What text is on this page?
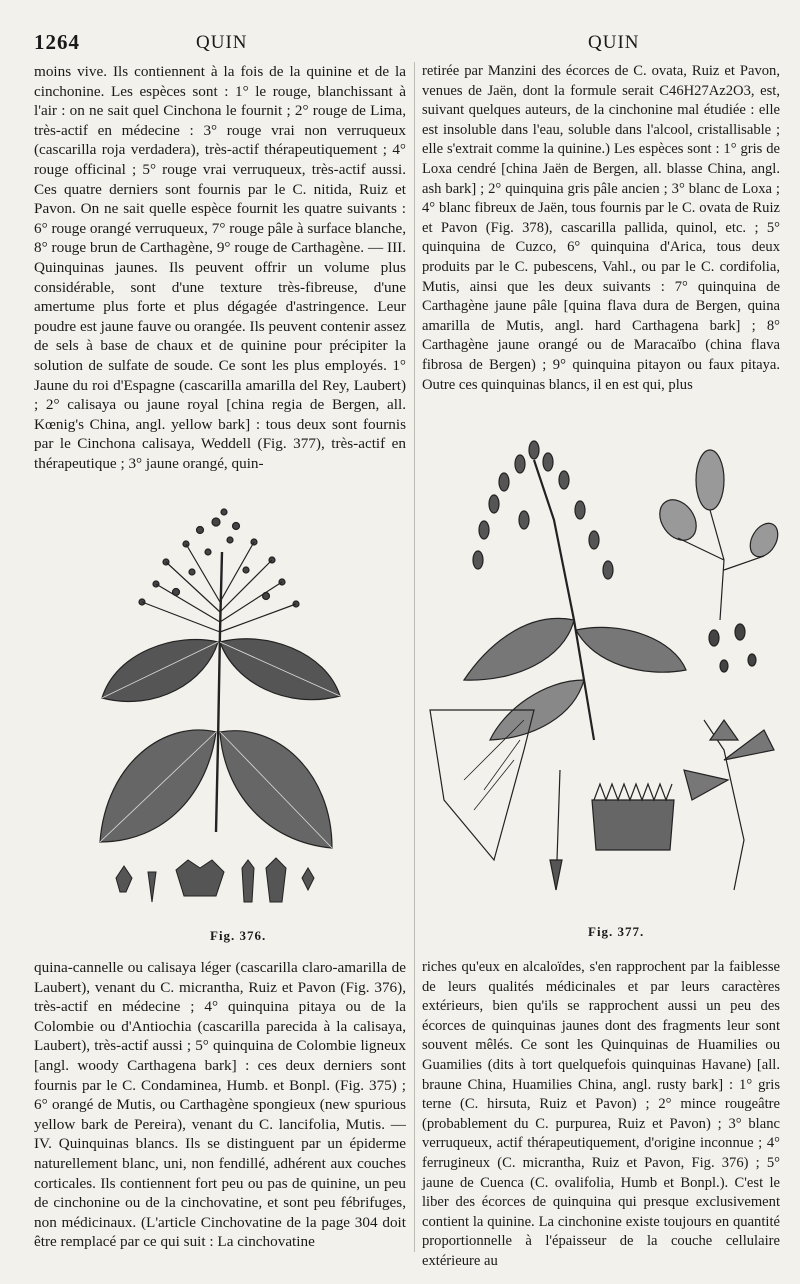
1264	QUIN	QUIN

moins vive. Ils contiennent à la fois de la quinine et de la cinchonine. Les espèces sont : 1° le rouge, blanchissant à l'air : on ne sait quel Cinchona le fournit ; 2° rouge de Lima, très-actif en médecine : 3° rouge vrai non verruqueux (cascarilla roja verdadera), très-actif thérapeutiquement ; 4° rouge officinal ; 5° rouge vrai verruqueux, très-actif aussi. Ces quatre derniers sont fournis par le C. nitida, Ruiz et Pavon. On ne sait quelle espèce fournit les quatre suivants : 6° rouge orangé verruqueux, 7° rouge pâle à surface blanche, 8° rouge brun de Carthagène, 9° rouge de Carthagène. — III. Quinquinas jaunes. Ils peuvent offrir un volume plus considérable, sont d'une texture très-fibreuse, d'une amertume plus forte et plus dégagée d'astringence. Leur poudre est jaune fauve ou orangée. Ils peuvent contenir assez de sels à base de chaux et de quinine pour précipiter la solution de sulfate de soude. Ce sont les plus employés. 1° Jaune du roi d'Espagne (cascarilla amarilla del Rey, Laubert) ; 2° calisaya ou jaune royal [china regia de Bergen, all. Kœnig's China, angl. yellow bark] : tous deux sont fournis par le Cinchona calisaya, Weddell (Fig. 377), très-actif en thérapeutique ; 3° jaune orangé, quin-

retirée par Manzini des écorces de C. ovata, Ruiz et Pavon, venues de Jaën, dont la formule serait C46H27Az2O3, est, suivant quelques auteurs, de la cinchonine mal étudiée : elle est insoluble dans l'eau, soluble dans l'alcool, cristallisable ; elle s'extrait comme la quinine.) Les espèces sont : 1° gris de Loxa cendré [china Jaën de Bergen, all. blasse China, angl. ash bark] ; 2° quinquina gris pâle ancien ; 3° blanc de Loxa ; 4° blanc fibreux de Jaën, tous fournis par le C. ovata de Ruiz et Pavon (Fig. 378), cascarilla pallida, quinol, etc. ; 5° quinquina de Cuzco, 6° quinquina d'Arica, tous deux produits par le C. pubescens, Vahl., ou par le C. cordifolia, Mutis, ainsi que les deux suivants : 7° quinquina de Carthagène jaune pâle [quina flava dura de Bergen, quina amarilla de Mutis, angl. hard Carthagena bark] ; 8° Carthagène jaune orangé ou de Maracaïbo (china flava fibrosa de Bergen) ; 9° quinquina pitayon ou faux pitaya. Outre ces quinquinas blancs, il en est qui, plus

Fig. 376.	Fig. 377.

quina-cannelle ou calisaya léger (cascarilla claro-amarilla de Laubert), venant du C. micrantha, Ruiz et Pavon (Fig. 376), très-actif en médecine ; 4° quinquina pitaya ou de la Colombie ou d'Antiochia (cascarilla parecida à la calisaya, Laubert), très-actif aussi ; 5° quinquina de Colombie ligneux [angl. woody Carthagena bark] : ces deux derniers sont fournis par le C. Condaminea, Humb. et Bonpl. (Fig. 375) ; 6° orangé de Mutis, ou Carthagène spongieux (new spurious yellow bark de Pereira), venant du C. lancifolia, Mutis. — IV. Quinquinas blancs. Ils se distinguent par un épiderme naturellement blanc, uni, non fendillé, adhérent aux couches corticales. Ils contiennent fort peu ou pas de quinine, un peu de cinchonine ou de la cinchovatine, et sont peu fébrifuges, non médicinaux. (L'article Cinchovatine de la page 304 doit être remplacé par ce qui suit : La cinchovatine

riches qu'eux en alcaloïdes, s'en rapprochent par la faiblesse de leurs qualités médicinales et par leurs caractères extérieurs, bien qu'ils se rapprochent aussi un peu des écorces de quinquinas jaunes dont des fragments leur sont souvent mêlés. Ce sont les Quinquinas de Huamilies ou Guamilies (dits à tort quelquefois quinquinas Havane) [all. braune China, Huamilies China, angl. rusty bark] : 1° gris terne (C. hirsuta, Ruiz et Pavon) ; 2° mince rougeâtre (probablement du C. purpurea, Ruiz et Pavon) ; 3° blanc verruqueux, actif thérapeutiquement, d'origine inconnue ; 4° ferrugineux (C. micrantha, Ruiz et Pavon, Fig. 376) ; 5° jaune de Cuenca (C. ovalifolia, Humb et Bonpl.). C'est le liber des écorces de quinquina qui presque exclusivement contient la quinine. La cinchonine existe toujours en quantité proportionnelle à l'épaisseur de la couche cellulaire extérieure au
